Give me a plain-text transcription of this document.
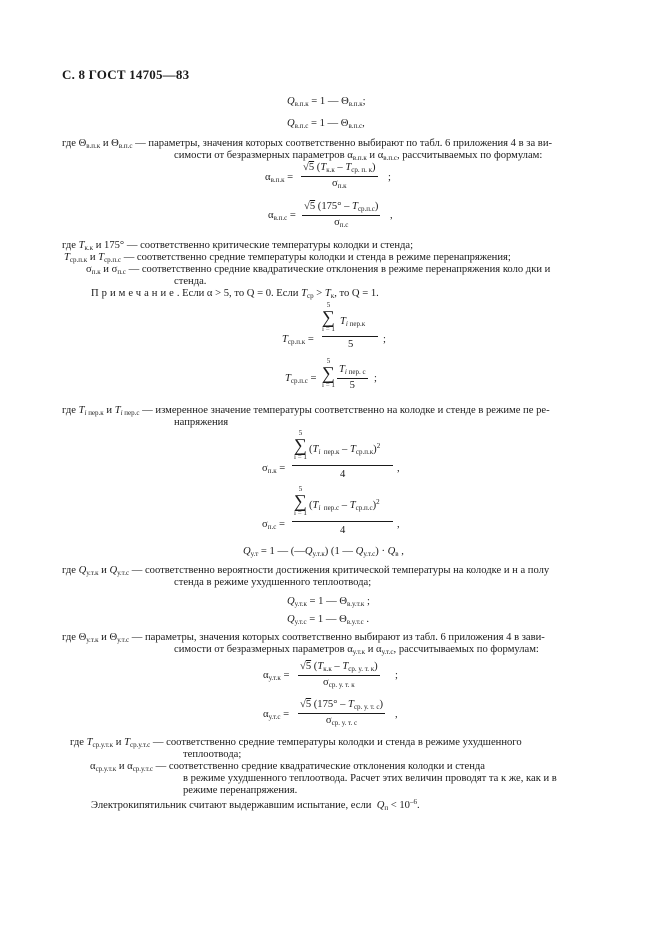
С. 8 ГОСТ 14705—83
$Q_{в.п.к} = 1$ — $\Theta_{в.п.к}$;
$Q_{в.п.с} = 1$ — $\Theta_{в.п.с}$,
где $\Theta_{в.п.к}$ и $\Theta_{в.п.с}$ — параметры, значения которых соответственно выбирают по табл. 6 приложения 4 в за ви-
симости от безразмерных параметров $\alpha_{в.п.к}$ и $\alpha_{в.п.с}$, рассчитываемых по формулам:
$\alpha_{в.п.к}$ =
√5 $(T_{к.к} - T_{ср. п. к})$
$\sigma_{п.к}$
;
$\alpha_{в.п.с}$ =
√5 $(175^\circ - T_{ср.п.с})$
$\sigma_{п.с}$
,
где $T_{к.к}$ и 175° — соответственно критические температуры колодки и стенда;
$T_{ср.п.к}$ и $T_{ср.п.с}$ — соответственно средние температуры колодки и стенда в режиме перенапряжения;
$\sigma_{п.к}$ и $\sigma_{п.с}$ — соответственно средние квадратические отклонения в режиме перенапряжения коло дки и
стенда.
Примечание. Если α > 5, то Q = 0. Если $T_{ср} > T_к$, то Q = 1.
$T_{ср.п.к}$ =
5
∑
i = 1
$T_{i пер.к}$
5	;
$T_{ср.п.с}$ =
5
∑
i = 1
$T_{i пер. с}$
5
;
где $T_{i пер.к}$ и $T_{i пер.с}$ — измеренное значение температуры соответственно на колодке и стенде в режиме пе ре-
напряжения
$\sigma_{п.к}$ =
5
∑
i = 1
$(T_{i пер.к} - T_{ср.п.к})^2$
4
,
$\sigma_{п.с}$ =
5
∑
i = 1
$(T_{i пер.с} - T_{ср.п.с})^2$
4
,
$Q_{у.т} = 1$ — $(—Q_{у.т.к})$ (1 — $Q_{у.т.с}) \cdot Q_в$ ,
где $Q_{у.т.к}$ и $Q_{у.т.с}$ — соответственно вероятности достижения критической температуры на колодке и н а полу
стенда в режиме ухудшенного теплоотвода;
$Q_{у.т.к} = 1$ — $\Theta_{в.у.т.к}$ ;
$Q_{у.т.с} = 1$ — $\Theta_{в.у.т.с}$ .
где $\Theta_{у.т.к}$ и $\Theta_{у.т.с}$ — параметры, значения которых соответственно выбирают из табл. 6 приложения 4 в зави-
симости от безразмерных параметров $\alpha_{у.т.к}$ и $\alpha_{у.т.с}$, рассчитываемых по формулам:
$\alpha_{у.т.к}$ =
√5 $(T_{к.к} - T_{ср. у. т. к})$
$\sigma_{ср. у. т. к}$
;
$\alpha_{у.т.с}$ =
√5 $(175^\circ - T_{ср. у. т. с})$
$\sigma_{ср. у. т. с}$
,
где $T_{ср.у.т.к}$ и $T_{ср.у.т.с}$ — соответственно средние температуры колодки и стенда в режиме ухудшенного
теплоотвода;
$\alpha_{ср.у.т.к}$ и $\alpha_{ср.у.т.с}$ — соответственно средние квадратические отклонения колодки и стенда
в режиме ухудшенного теплоотвода. Расчет этих величин проводят та к же, как и в
режиме перенапряжения.
Электрокипятильник считают выдержавшим испытание, если $Q_п < 10^{-6}$.
